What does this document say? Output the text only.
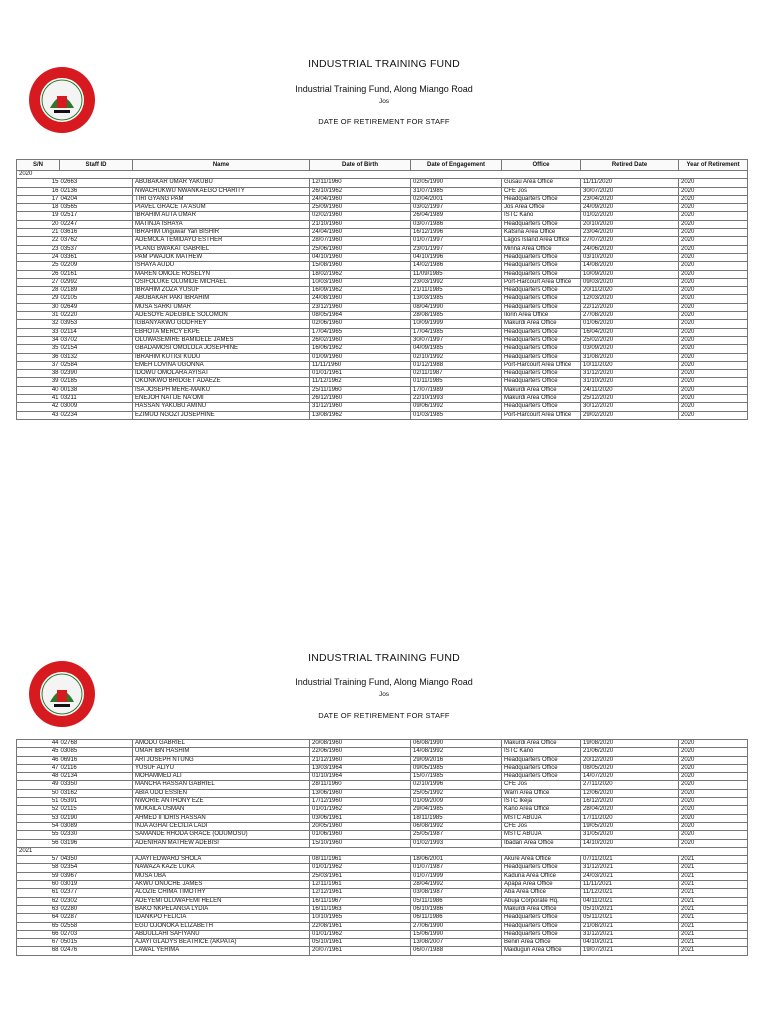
INDUSTRIAL TRAINING FUND
Industrial Training Fund, Along Miango Road
Jos
DATE OF RETIREMENT FOR STAFF
S/N	Staff ID	Name	Date of Birth	Date of Engagement	Office	Retired Date	Year of Retirement
2020							
15	02663	ABUBAKAR UMAR YAKUBU	12/11/1960	02/05/1990	Gusau Area Office	11/11/2020	2020
16	02136	NWACHUKWU NWANKAEGO CHARITY	26/10/1962	31/07/1985	CFE Jos	30/07/2020	2020
17	04204	TIRI GYANG PAM	24/04/1960	02/04/2001	Headquarters Office	23/04/2020	2020
18	03565	PIAVEL GRACE TA'ASUM	25/09/1960	03/02/1997	Jos Area Office	24/09/2020	2020
19	02517	IBRAHIM AUTA UMAR	02/02/1960	26/04/1989	ISTC Kano	01/02/2020	2020
20	02247	MATINJA ISHAYA	21/10/1960	03/07/1986	Headquarters Office	20/10/2020	2020
21	03616	IBRAHIM Unguwar Yari BISHIR	24/04/1960	16/12/1996	Katsina Area Office	23/04/2020	2020
22	03762	ADEMOLA TEMIDAYO ESTHER	28/07/1960	01/07/1997	Lagos Island Area Office	27/07/2020	2020
23	03537	PLANG BWAKAT GABRIEL	25/06/1960	23/01/1997	Minna Area Office	24/06/2020	2020
24	03361	PAM PWAJOK MATHEW	04/10/1960	04/10/1996	Headquarters Office	03/10/2020	2020
25	02209	ISHAYA AUDU	15/08/1960	14/02/1986	Headquarters Office	14/08/2020	2020
26	02161	MAREN OMOLE ROSELYN	18/02/1962	11/09/1985	Headquarters Office	10/09/2020	2020
27	02992	OSIFOLUKE OLUMIDE MICHAEL	10/03/1960	23/03/1992	Port-Harcourt Area Office	09/03/2020	2020
28	02189	IBRAHIM ZOZA YUSUF	16/09/1962	21/11/1985	Headquarters Office	20/11/2020	2020
29	02105	ABUBAKAR PAKI IBRAHIM	24/08/1960	13/03/1985	Headquarters Office	12/03/2020	2020
30	02649	MUSA SARKI UMAR	23/12/1960	08/04/1990	Headquarters Office	22/12/2020	2020
31	02220	ADESOYE ADEGBILE SOLOMON	08/05/1964	28/08/1985	Ilorin Area Office	27/08/2020	2020
32	03953	IGBANYAKWU GODFREY	02/06/1960	10/09/1999	Makurdi Area Office	01/06/2020	2020
33	02114	EBHOTA MERCY EKPE	17/04/1965	17/04/1985	Headquarters Office	16/04/2020	2020
34	03702	OLUWASEMIRE BAMIDELE JAMES	26/02/1960	30/07/1997	Headquarters Office	25/02/2020	2020
35	02154	GBADAMOSI OMOLOLA JOSEPHINE	16/06/1962	04/09/1985	Headquarters Office	03/09/2020	2020
36	03132	IBRAHIM KUTIGI KUDU	01/09/1960	02/10/1992	Headquarters Office	31/08/2020	2020
37	02584	EMEH LOVINA UGONNA	11/11/1960	01/12/1988	Port-Harcourt Area Office	10/11/2020	2020
38	02390	IDOWU OMOLARA AYISAT	01/01/1961	02/11/1987	Headquarters Office	31/12/2020	2020
39	02185	OKONKWO BRIDGET ADAEZE	11/12/1962	01/11/1985	Headquarters Office	31/10/2020	2020
40	00138	ISA JOSEPH MERE-MAIKU	25/11/1960	17/07/1989	Makurdi Area Office	24/11/2020	2020
41	03211	ENEJOH NATIJE NA'OMI	26/12/1960	22/10/1993	Makurdi Area Office	25/12/2020	2020
42	03009	HASSAN YAKUBU AMINU	31/12/1960	09/06/1992	Headquarters Office	30/12/2020	2020
43	02234	EZIMUO NGOZI JOSEPHINE	13/08/1962	01/03/1985	Port-Harcourt Area Office	29/02/2020	2020
INDUSTRIAL TRAINING FUND
Industrial Training Fund, Along Miango Road
Jos
DATE OF RETIREMENT FOR STAFF
44	02768	AMODU GABRIEL	20/08/1960	06/08/1990	Makurdi Area Office	19/08/2020	2020
45	03085	UMAR IBN HASHIM	22/06/1960	14/08/1992	ISTC Kano	21/06/2020	2020
46	06916	ARI JOSEPH NTUNG	21/12/1960	29/09/2016	Headquarters Office	20/12/2020	2020
47	02116	YUSUF ALIYU	13/03/1964	09/05/1985	Headquarters Office	08/05/2020	2020
48	02134	MOHAMMED ALI	01/10/1964	15/07/1985	Headquarters Office	14/07/2020	2020
49	03350	MANCHA HASSAN GABRIEL	28/11/1960	02/10/1996	CFE Jos	27/11/2020	2020
50	03162	ABIA UDO ESSIEN	13/06/1960	25/05/1992	Warri Area Office	12/06/2020	2020
51	05391	NWORIE ANTHONY EZE	17/12/1960	01/09/2009	ISTC Ikeja	16/12/2020	2020
52	02115	MUKAILA USMAN	01/01/1962	29/04/1985	Kano Area Office	28/04/2020	2020
53	02190	AHMED II IDRIS HASSAN	03/06/1961	18/11/1985	MSTC ABUJA	17/11/2020	2020
54	03089	INJA AGHAI CECILIA LADI	20/05/1960	06/08/1992	CFE Jos	19/05/2020	2020
55	02330	SAMANDE RHODA GRACE (ODUMOSU)	01/06/1960	25/05/1987	MSTC ABUJA	31/05/2020	2020
56	03196	ADENIRAN MATHEW ADEBISI	15/10/1960	01/02/1993	Ibadan Area Office	14/10/2020	2020
2021							
57	04350	AJAYI EDWARD SHOLA	08/11/1961	18/06/2001	Akure Area Office	07/11/2021	2021
58	02354	NAWAZA KAZE LUKA	01/01/1962	01/07/1987	Headquarters Office	31/12/2021	2021
59	03967	MUSA UBA	25/03/1961	01/07/1999	Kaduna Area Office	24/03/2021	2021
60	03019	AKWU ONUCHE JAMES	12/11/1961	28/04/1992	Apapa Area Office	11/11/2021	2021
61	02377	ALOZIE CHIMA TIMOTHY	12/12/1961	03/08/1987	Aba Area Office	11/12/2021	2021
62	02302	ADEYEMI OLUWAFEMI HELEN	16/11/1967	05/11/1986	Abuja Corporate Hq.	04/11/2021	2021
63	02280	BAKO NKPELANGA LYDIA	16/11/1963	06/10/1986	Makurdi Area Office	05/10/2021	2021
64	02287	IDANKPO FELICIA	10/10/1965	06/11/1986	Headquarters Office	05/11/2021	2021
65	02558	EGU OJONOKA ELIZABETH	22/08/1961	27/06/1990	Headquarters Office	21/08/2021	2021
66	02703	ABDULLAHI SAFIYANU	01/01/1962	15/06/1990	Headquarters Office	31/12/2021	2021
67	05015	AJAYI GLADYS BEATRICE (AKPATA)	05/10/1961	13/08/2007	Benin Area Office	04/10/2021	2021
68	02476	LAWAL YERIMA	20/07/1961	06/07/1988	Maiduguri Area Office	19/07/2021	2021
